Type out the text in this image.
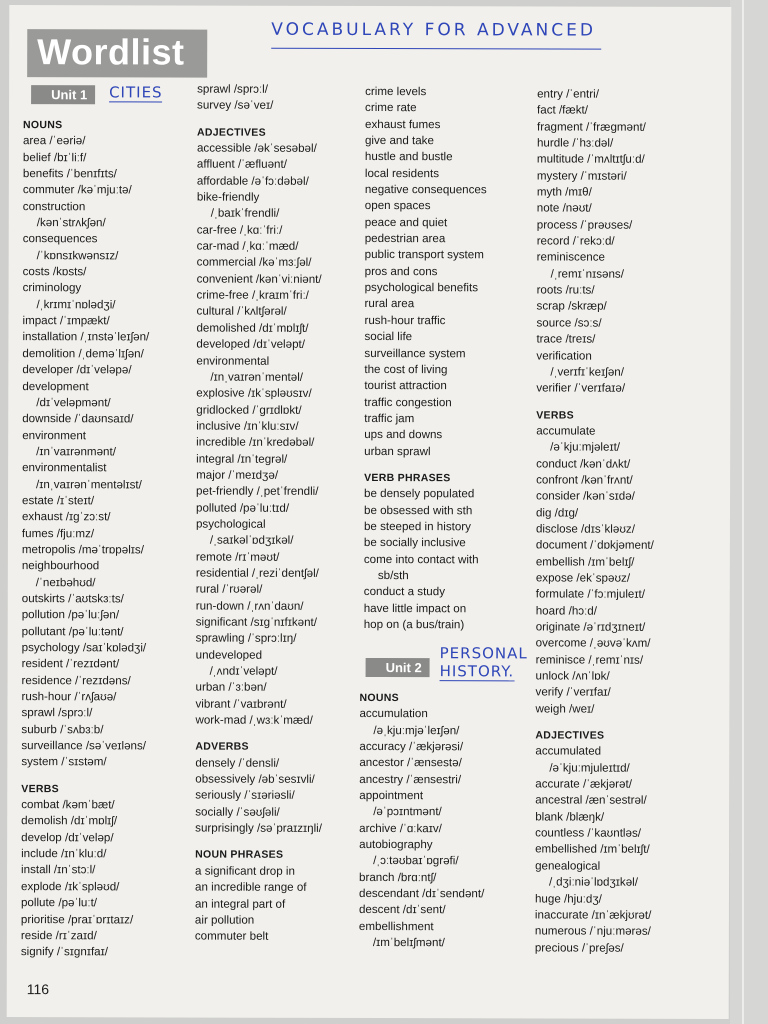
Wordlist
VOCABULARY FOR ADVANCED
Unit 1	CITIES
NOUNS
area /ˈeəriə/
belief /bɪˈliːf/
benefits /ˈbenɪfɪts/
commuter /kəˈmjuːtə/
construction
/kənˈstrʌkʃən/
consequences
/ˈkɒnsɪkwənsɪz/
costs /kɒsts/
criminology
/ˌkrɪmɪˈnɒlədʒi/
impact /ˈɪmpækt/
installation /ˌɪnstəˈleɪʃən/
demolition /ˌdeməˈlɪʃən/
developer /dɪˈveləpə/
development
/dɪˈveləpmənt/
downside /ˈdaʊnsaɪd/
environment
/ɪnˈvaɪrənmənt/
environmentalist
/ɪnˌvaɪrənˈmentəlɪst/
estate /ɪˈsteɪt/
exhaust /ɪgˈzɔːst/
fumes /fjuːmz/
metropolis /məˈtrɒpəlɪs/
neighbourhood
/ˈneɪbəhʊd/
outskirts /ˈaʊtskɜːts/
pollution /pəˈluːʃən/
pollutant /pəˈluːtənt/
psychology /saɪˈkɒlədʒi/
resident /ˈrezɪdənt/
residence /ˈrezɪdəns/
rush-hour /ˈrʌʃaʊə/
sprawl /sprɔːl/
suburb /ˈsʌbɜːb/
surveillance /səˈveɪləns/
system /ˈsɪstəm/
VERBS
combat /kəmˈbæt/
demolish /dɪˈmɒlɪʃ/
develop /dɪˈveləp/
include /ɪnˈkluːd/
install /ɪnˈstɔːl/
explode /ɪkˈspləʊd/
pollute /pəˈluːt/
prioritise /praɪˈɒrɪtaɪz/
reside /rɪˈzaɪd/
signify /ˈsɪgnɪfaɪ/
sprawl /sprɔːl/
survey /səˈveɪ/
ADJECTIVES
accessible /əkˈsesəbəl/
affluent /ˈæfluənt/
affordable /əˈfɔːdəbəl/
bike-friendly
/ˌbaɪkˈfrendli/
car-free /ˌkɑːˈfriː/
car-mad /ˌkɑːˈmæd/
commercial /kəˈmɜːʃəl/
convenient /kənˈviːniənt/
crime-free /ˌkraɪmˈfriː/
cultural /ˈkʌltʃərəl/
demolished /dɪˈmɒlɪʃt/
developed /dɪˈveləpt/
environmental
/ɪnˌvaɪrənˈmentəl/
explosive /ɪkˈspləʊsɪv/
gridlocked /ˈgrɪdlɒkt/
inclusive /ɪnˈkluːsɪv/
incredible /ɪnˈkredəbəl/
integral /ɪnˈtegrəl/
major /ˈmeɪdʒə/
pet-friendly /ˌpetˈfrendli/
polluted /pəˈluːtɪd/
psychological
/ˌsaɪkəlˈɒdʒɪkəl/
remote /rɪˈməʊt/
residential /ˌreziˈdentʃəl/
rural /ˈrʊərəl/
run-down /ˌrʌnˈdaʊn/
significant /sɪgˈnɪfɪkənt/
sprawling /ˈsprɔːlɪŋ/
undeveloped
/ˌʌndɪˈveləpt/
urban /ˈɜːbən/
vibrant /ˈvaɪbrənt/
work-mad /ˌwɜːkˈmæd/
ADVERBS
densely /ˈdensli/
obsessively /əbˈsesɪvli/
seriously /ˈsɪəriəsli/
socially /ˈsəʊʃəli/
surprisingly /səˈpraɪzɪŋli/
NOUN PHRASES
a significant drop in
an incredible range of
an integral part of
air pollution
commuter belt
crime levels
crime rate
exhaust fumes
give and take
hustle and bustle
local residents
negative consequences
open spaces
peace and quiet
pedestrian area
public transport system
pros and cons
psychological benefits
rural area
rush-hour traffic
social life
surveillance system
the cost of living
tourist attraction
traffic congestion
traffic jam
ups and downs
urban sprawl
VERB PHRASES
be densely populated
be obsessed with sth
be steeped in history
be socially inclusive
come into contact with
sb/sth
conduct a study
have little impact on
hop on (a bus/train)
Unit 2
PERSONAL
HISTORY.
NOUNS
accumulation
/əˌkjuːmjəˈleɪʃən/
accuracy /ˈækjərəsi/
ancestor /ˈænsestə/
ancestry /ˈænsestri/
appointment
/əˈpɔɪntmənt/
archive /ˈɑːkaɪv/
autobiography
/ˌɔːtəʊbaɪˈɒgrəfi/
branch /brɑːntʃ/
descendant /dɪˈsendənt/
descent /dɪˈsent/
embellishment
/ɪmˈbelɪʃmənt/
entry /ˈentri/
fact /fækt/
fragment /ˈfrægmənt/
hurdle /ˈhɜːdəl/
multitude /ˈmʌltɪtʃuːd/
mystery /ˈmɪstəri/
myth /mɪθ/
note /nəʊt/
process /ˈprəʊses/
record /ˈrekɔːd/
reminiscence
/ˌremɪˈnɪsəns/
roots /ruːts/
scrap /skræp/
source /sɔːs/
trace /treɪs/
verification
/ˌverɪfɪˈkeɪʃən/
verifier /ˈverɪfaɪə/
VERBS
accumulate
/əˈkjuːmjəleɪt/
conduct /kənˈdʌkt/
confront /kənˈfrʌnt/
consider /kənˈsɪdə/
dig /dɪg/
disclose /dɪsˈkləʊz/
document /ˈdɒkjəment/
embellish /ɪmˈbelɪʃ/
expose /ekˈspəʊz/
formulate /ˈfɔːmjuleɪt/
hoard /hɔːd/
originate /əˈrɪdʒɪneɪt/
overcome /ˌəʊvəˈkʌm/
reminisce /ˌremɪˈnɪs/
unlock /ʌnˈlɒk/
verify /ˈverɪfaɪ/
weigh /weɪ/
ADJECTIVES
accumulated
/əˈkjuːmjuleɪtɪd/
accurate /ˈækjərət/
ancestral /ænˈsestrəl/
blank /blæŋk/
countless /ˈkaʊntləs/
embellished /ɪmˈbelɪʃt/
genealogical
/ˌdʒiːniəˈlɒdʒɪkəl/
huge /hjuːdʒ/
inaccurate /ɪnˈækjʊrət/
numerous /ˈnjuːmərəs/
precious /ˈpreʃəs/
116
